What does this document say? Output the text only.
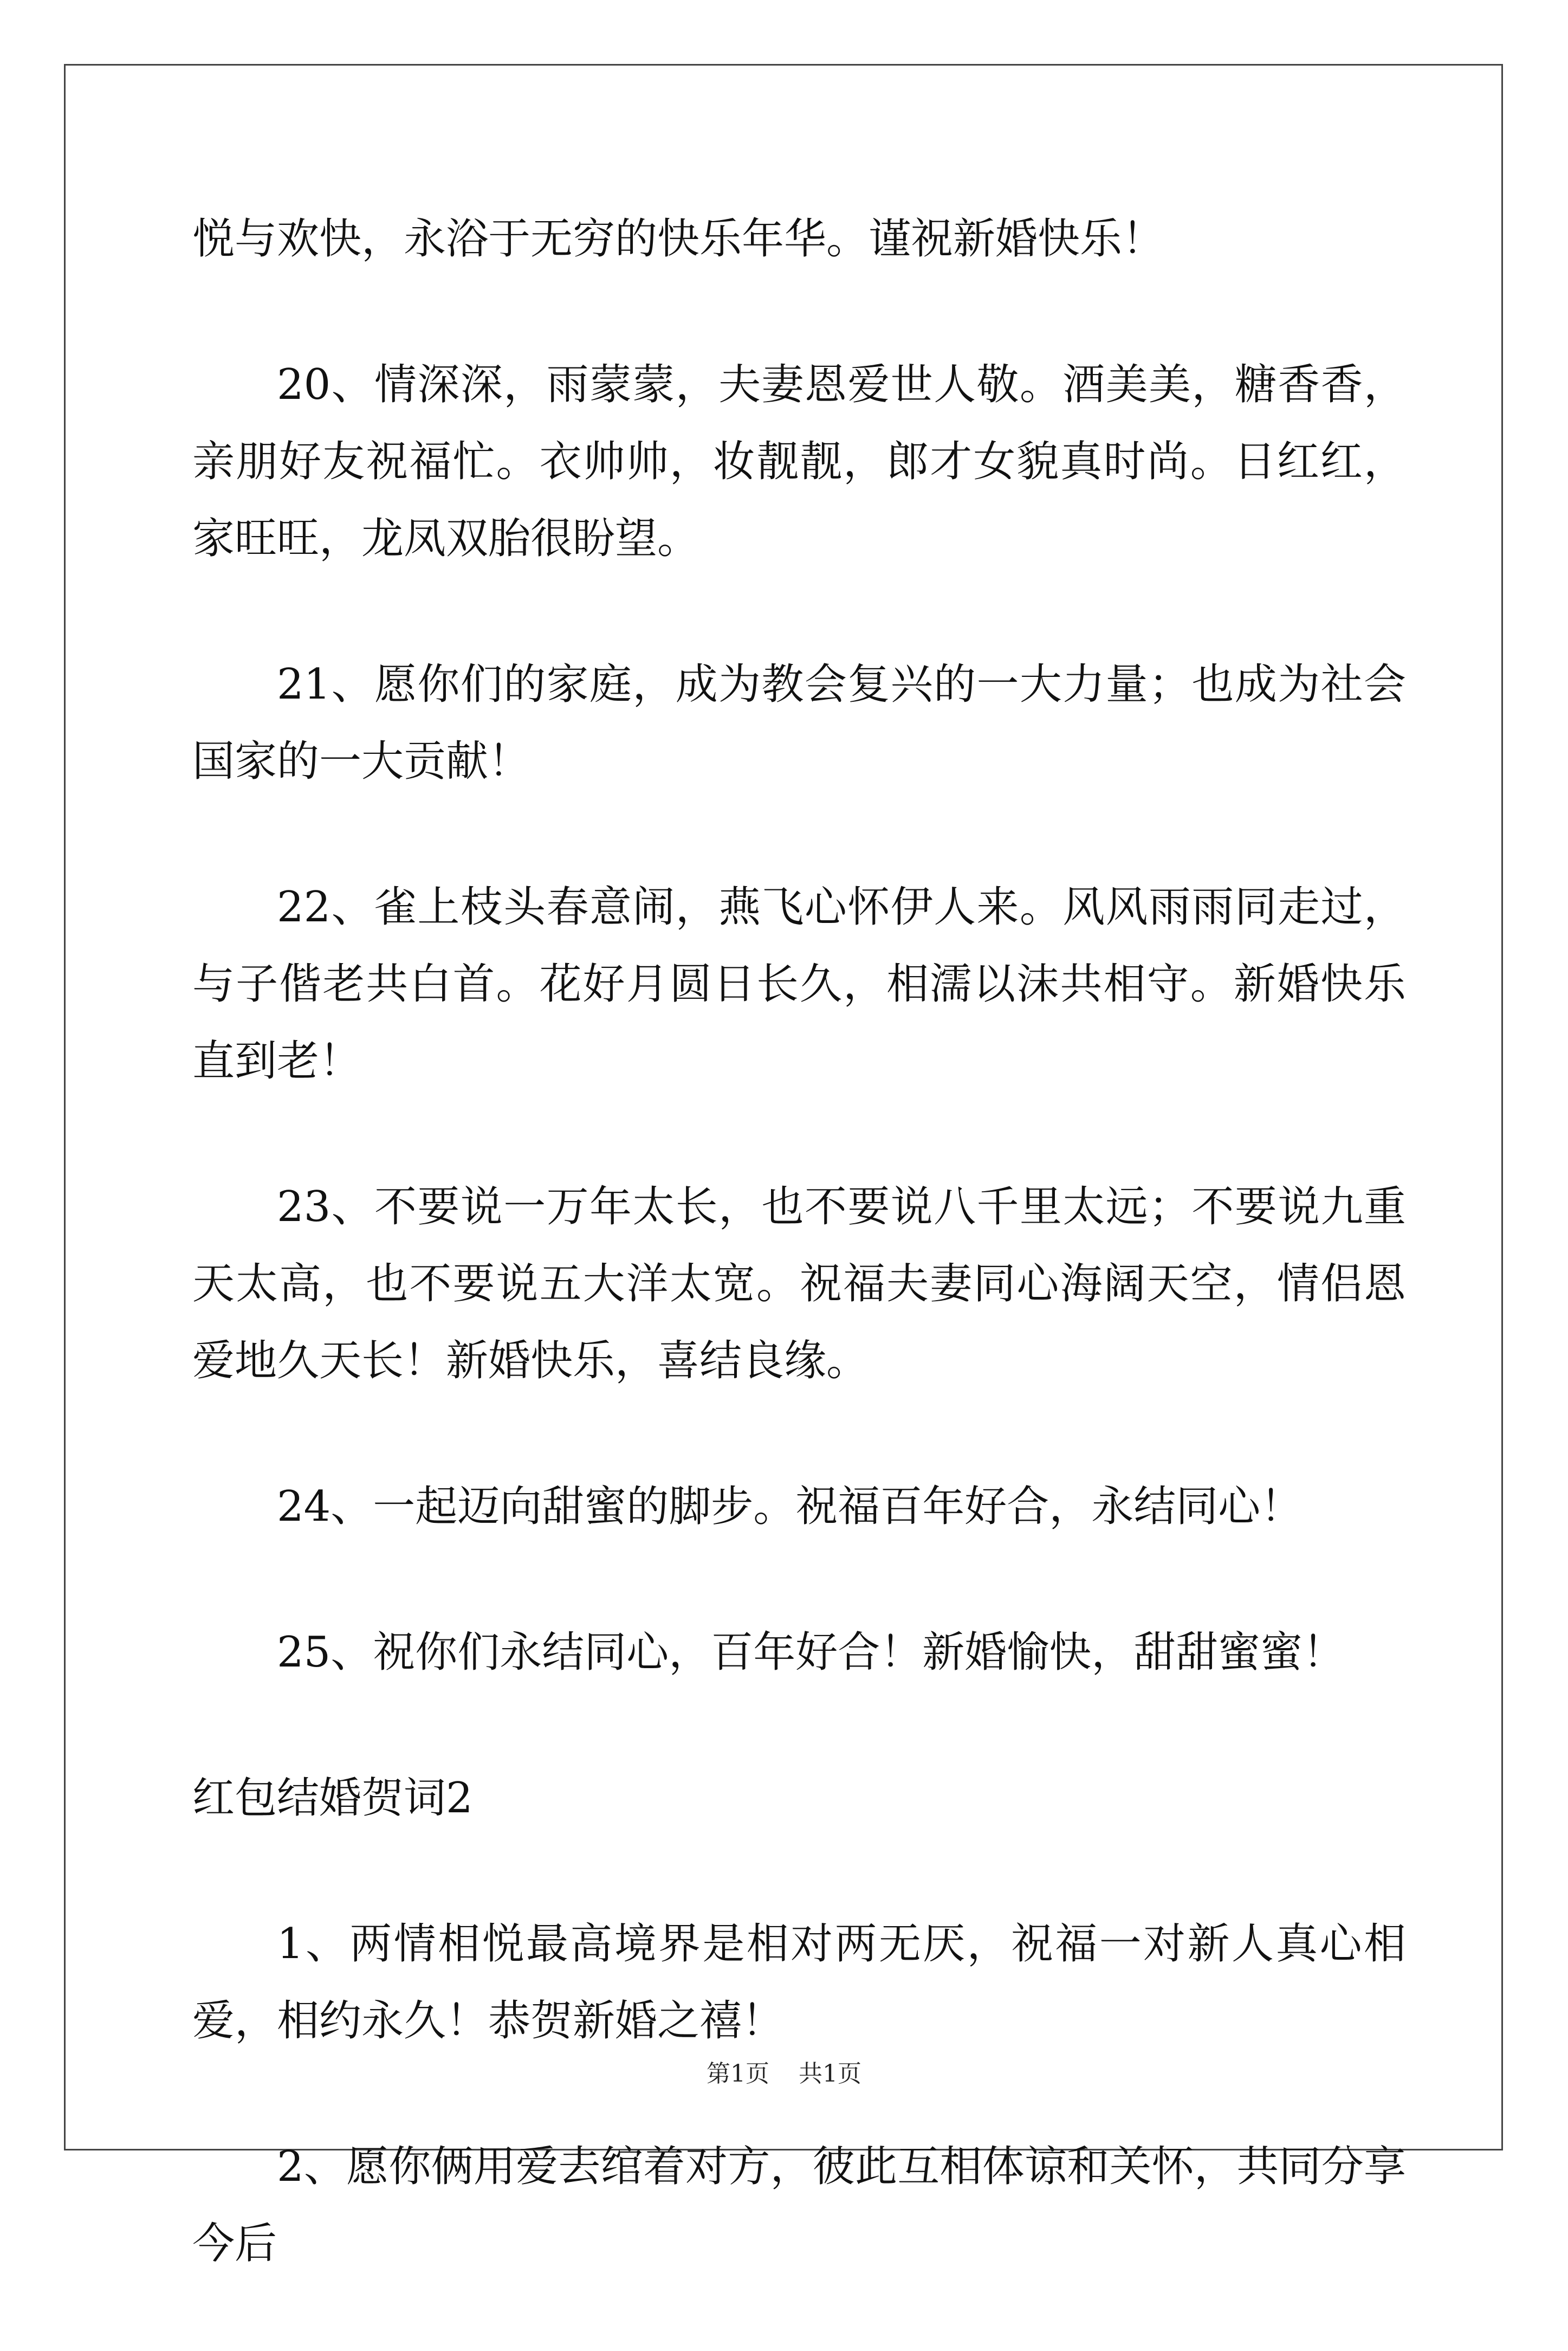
悦与欢快，永浴于无穷的快乐年华。谨祝新婚快乐！

20、情深深，雨蒙蒙，夫妻恩爱世人敬。酒美美，糖香香，亲朋好友祝福忙。衣帅帅，妆靓靓，郎才女貌真时尚。日红红，家旺旺，龙凤双胎很盼望。

21、愿你们的家庭，成为教会复兴的一大力量；也成为社会国家的一大贡献！

22、雀上枝头春意闹，燕飞心怀伊人来。风风雨雨同走过，与子偕老共白首。花好月圆日长久，相濡以沫共相守。新婚快乐直到老！

23、不要说一万年太长，也不要说八千里太远；不要说九重天太高，也不要说五大洋太宽。祝福夫妻同心海阔天空，情侣恩爱地久天长！新婚快乐，喜结良缘。

24、一起迈向甜蜜的脚步。祝福百年好合，永结同心！

25、祝你们永结同心，百年好合！新婚愉快，甜甜蜜蜜！

红包结婚贺词2

1、两情相悦最高境界是相对两无厌，祝福一对新人真心相爱，相约永久！恭贺新婚之禧！

2、愿你俩用爱去绾着对方，彼此互相体谅和关怀，共同分享今后

第1页 共1页
